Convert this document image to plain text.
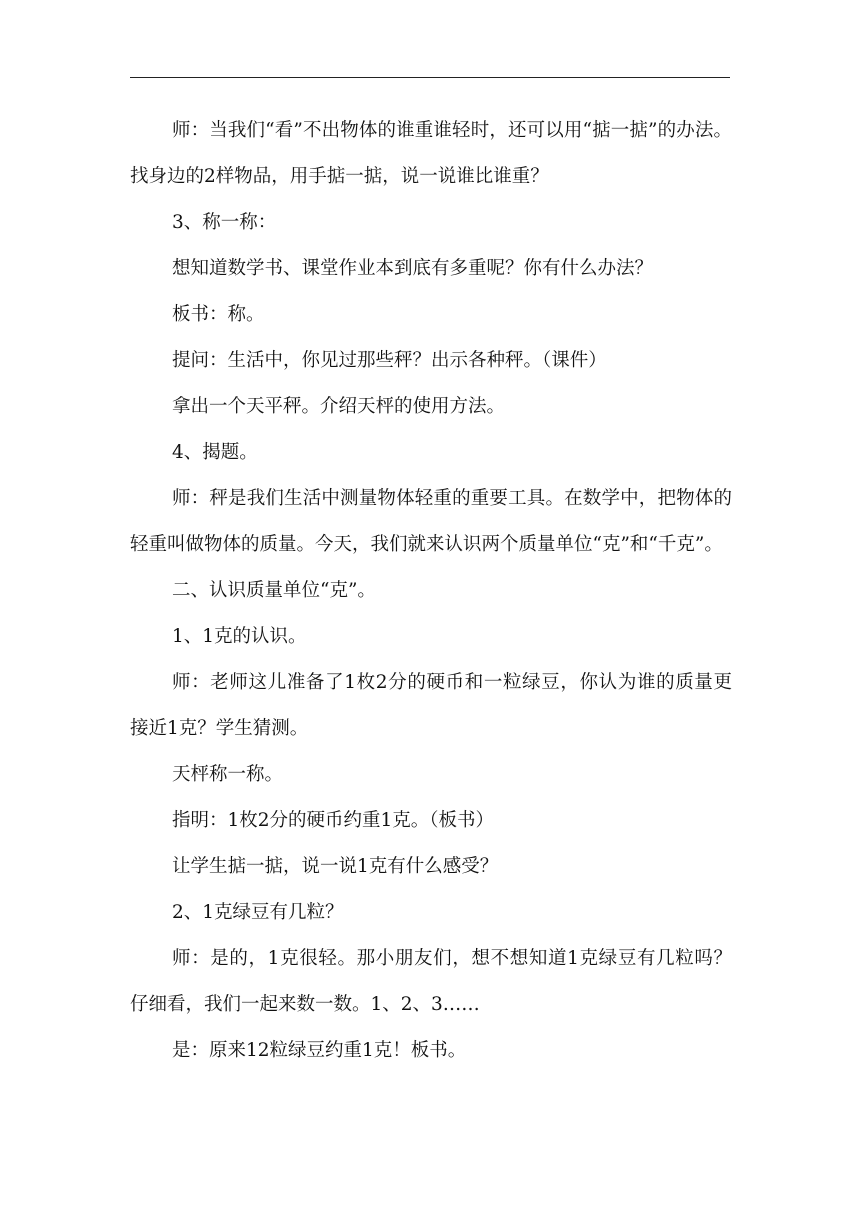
师：当我们“看”不出物体的谁重谁轻时，还可以用“掂一掂”的办法。找身边的2样物品，用手掂一掂，说一说谁比谁重？

3、称一称：

想知道数学书、课堂作业本到底有多重呢？你有什么办法？

板书：称。

提问：生活中，你见过那些秤？出示各种秤。（课件）

拿出一个天平秤。介绍天枰的使用方法。

4、揭题。

师：秤是我们生活中测量物体轻重的重要工具。在数学中，把物体的轻重叫做物体的质量。今天，我们就来认识两个质量单位“克”和“千克”。

二、认识质量单位“克”。

1、1克的认识。

师：老师这儿准备了1枚2分的硬币和一粒绿豆，你认为谁的质量更接近1克？学生猜测。

天枰称一称。

指明：1枚2分的硬币约重1克。（板书）

让学生掂一掂，说一说1克有什么感受？

2、1克绿豆有几粒？

师：是的，1克很轻。那小朋友们，想不想知道1克绿豆有几粒吗？仔细看，我们一起来数一数。1、2、3……

是：原来12粒绿豆约重1克！板书。
